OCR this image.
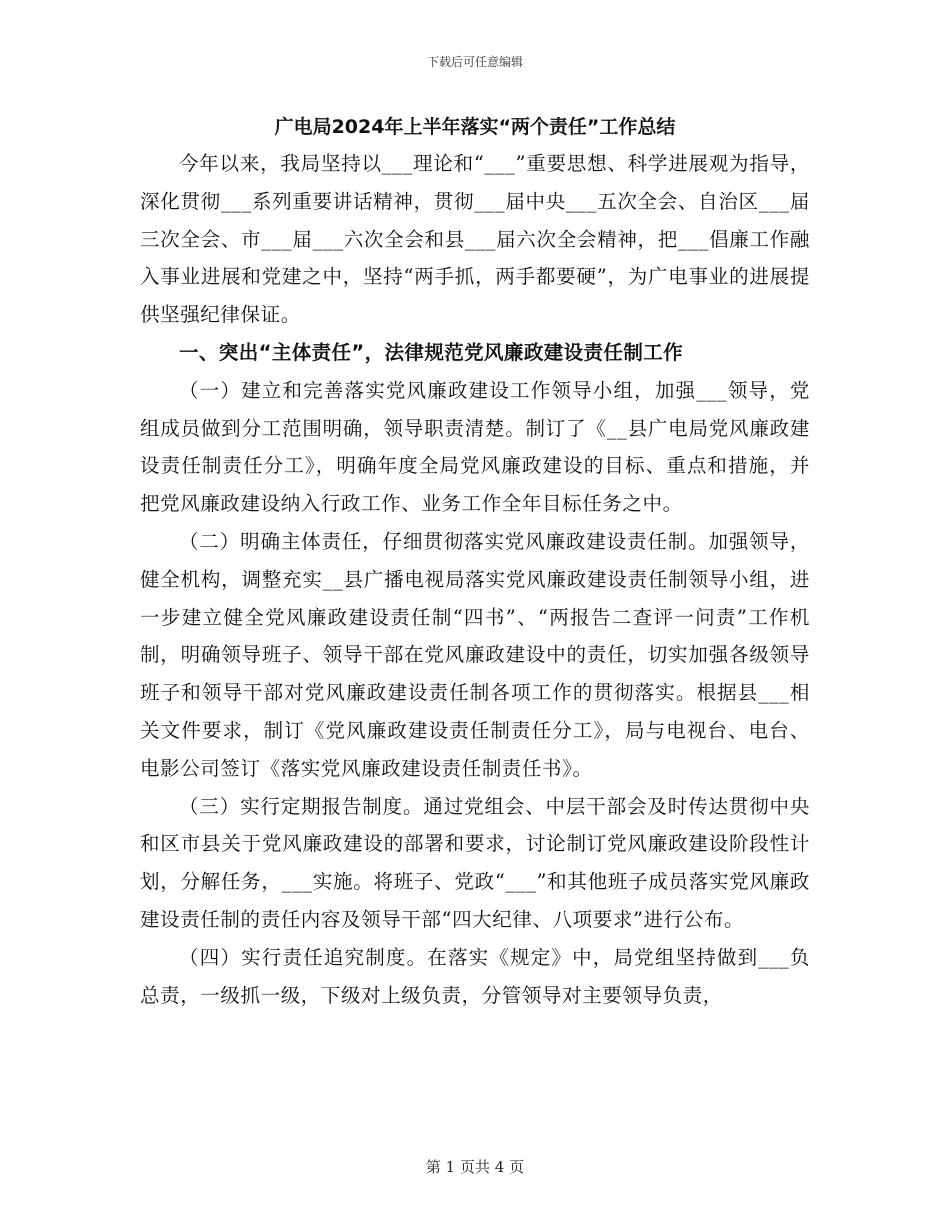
下载后可任意编辑
广电局2024年上半年落实“两个责任”工作总结

今年以来，我局坚持以___理论和“___”重要思想、科学进展观为指导，深化贯彻___系列重要讲话精神，贯彻___届中央___五次全会、自治区___届三次全会、市___届___六次全会和县___届六次全会精神，把___倡廉工作融入事业进展和党建之中，坚持“两手抓，两手都要硬”，为广电事业的进展提供坚强纪律保证。

一、突出“主体责任”，法律规范党风廉政建设责任制工作

（一）建立和完善落实党风廉政建设工作领导小组，加强___领导，党组成员做到分工范围明确，领导职责清楚。制订了《__县广电局党风廉政建设责任制责任分工》，明确年度全局党风廉政建设的目标、重点和措施，并把党风廉政建设纳入行政工作、业务工作全年目标任务之中。

（二）明确主体责任，仔细贯彻落实党风廉政建设责任制。加强领导，健全机构，调整充实__县广播电视局落实党风廉政建设责任制领导小组，进一步建立健全党风廉政建设责任制“四书”、“两报告二查评一问责”工作机制，明确领导班子、领导干部在党风廉政建设中的责任，切实加强各级领导班子和领导干部对党风廉政建设责任制各项工作的贯彻落实。根据县___相关文件要求，制订《党风廉政建设责任制责任分工》，局与电视台、电台、电影公司签订《落实党风廉政建设责任制责任书》。

（三）实行定期报告制度。通过党组会、中层干部会及时传达贯彻中央和区市县关于党风廉政建设的部署和要求，讨论制订党风廉政建设阶段性计划，分解任务，___实施。将班子、党政“___”和其他班子成员落实党风廉政建设责任制的责任内容及领导干部“四大纪律、八项要求”进行公布。

（四）实行责任追究制度。在落实《规定》中，局党组坚持做到___负总责，一级抓一级，下级对上级负责，分管领导对主要领导负责，

第 1 页共 4 页
